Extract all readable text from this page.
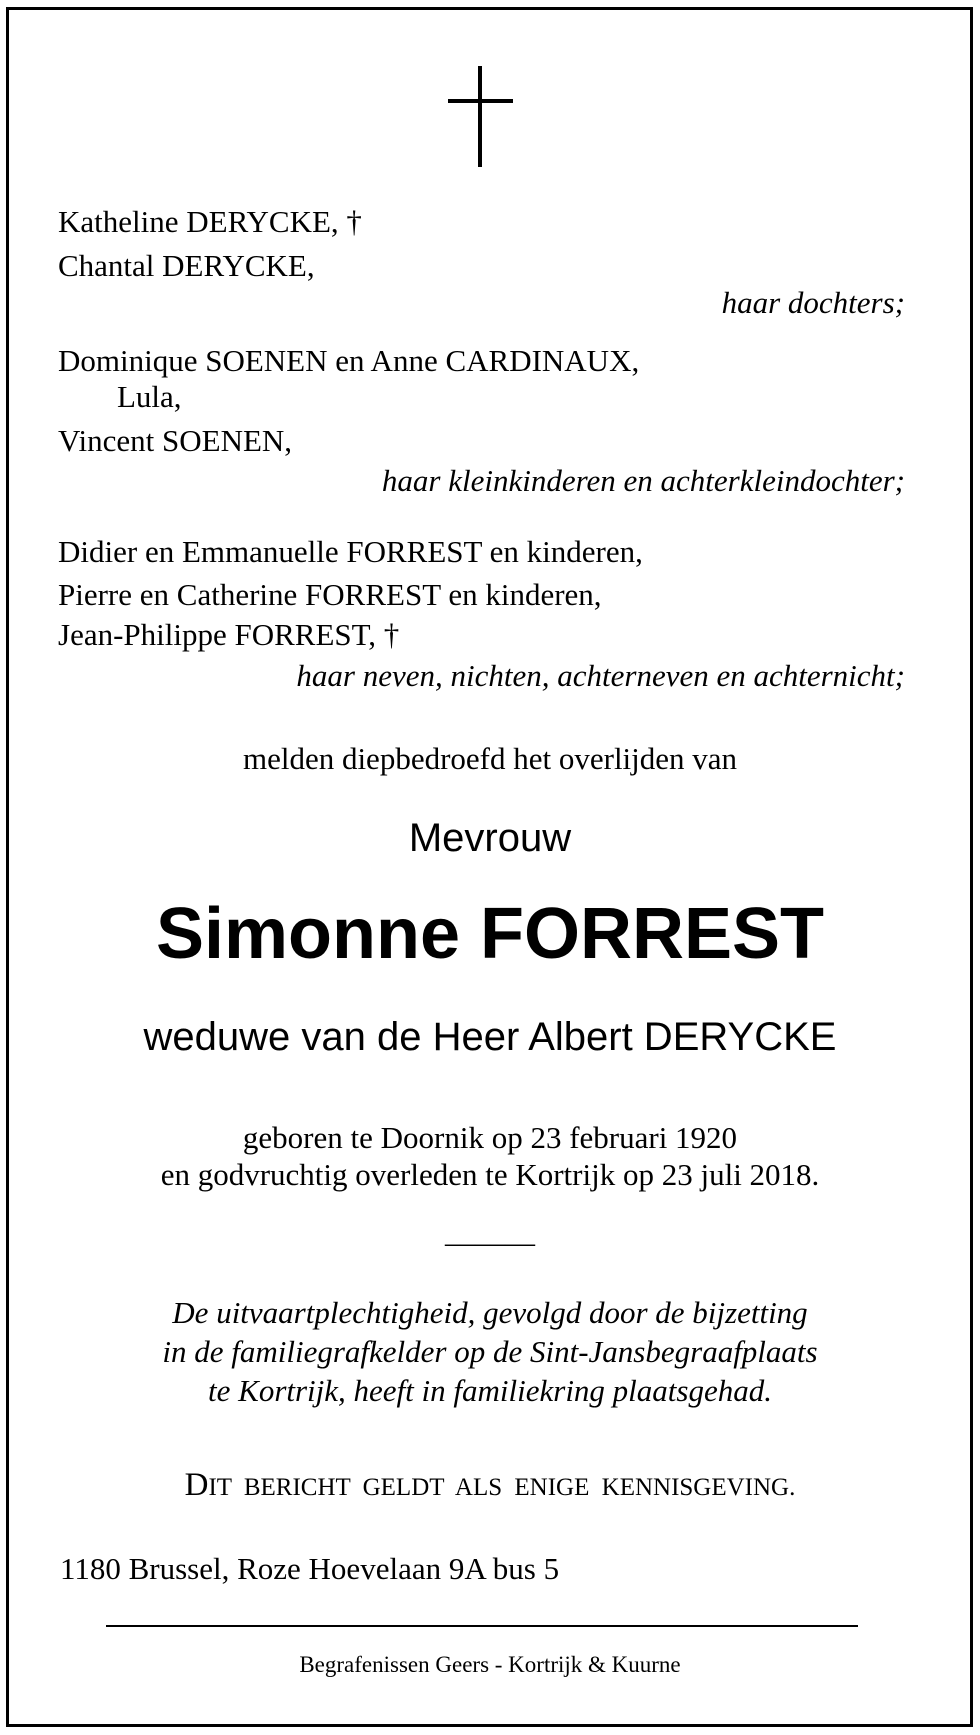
Katheline DERYCKE, †
Chantal DERYCKE,
haar dochters;
Dominique SOENEN en Anne CARDINAUX,
Lula,
Vincent SOENEN,
haar kleinkinderen en achterkleindochter;
Didier en Emmanuelle FORREST en kinderen,
Pierre en Catherine FORREST en kinderen,
Jean-Philippe FORREST, †
haar neven, nichten, achterneven en achternicht;
melden diepbedroefd het overlijden van
Mevrouw
Simonne FORREST
weduwe van de Heer Albert DERYCKE
geboren te Doornik op 23 februari 1920
en godvruchtig overleden te Kortrijk op 23 juli 2018.
______
De uitvaartplechtigheid, gevolgd door de bijzetting
in de familiegrafkelder op de Sint-Jansbegraafplaats
te Kortrijk, heeft in familiekring plaatsgehad.
DIT BERICHT GELDT ALS ENIGE KENNISGEVING.
1180 Brussel, Roze Hoevelaan 9A bus 5
Begrafenissen Geers - Kortrijk & Kuurne
